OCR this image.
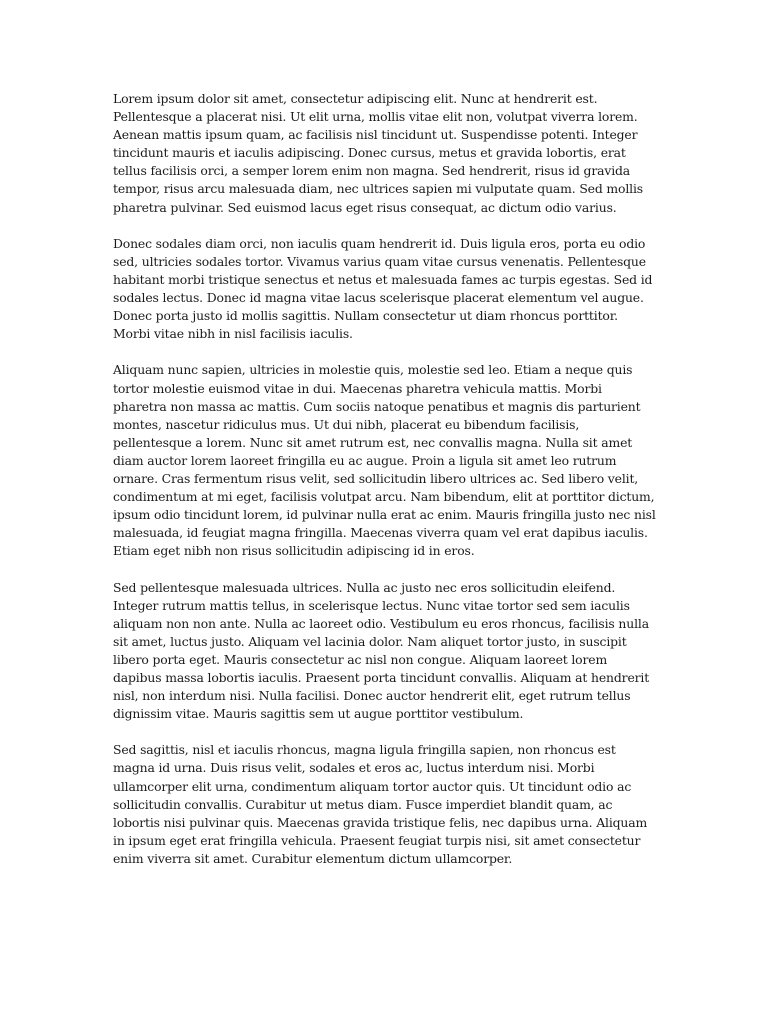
Lorem ipsum dolor sit amet, consectetur adipiscing elit. Nunc at hendrerit est. Pellentesque a placerat nisi. Ut elit urna, mollis vitae elit non, volutpat viverra lorem. Aenean mattis ipsum quam, ac facilisis nisl tincidunt ut. Suspendisse potenti. Integer tincidunt mauris et iaculis adipiscing. Donec cursus, metus et gravida lobortis, erat tellus facilisis orci, a semper lorem enim non magna. Sed hendrerit, risus id gravida tempor, risus arcu malesuada diam, nec ultrices sapien mi vulputate quam. Sed mollis pharetra pulvinar. Sed euismod lacus eget risus consequat, ac dictum odio varius.

Donec sodales diam orci, non iaculis quam hendrerit id. Duis ligula eros, porta eu odio sed, ultricies sodales tortor. Vivamus varius quam vitae cursus venenatis. Pellentesque habitant morbi tristique senectus et netus et malesuada fames ac turpis egestas. Sed id sodales lectus. Donec id magna vitae lacus scelerisque placerat elementum vel augue. Donec porta justo id mollis sagittis. Nullam consectetur ut diam rhoncus porttitor. Morbi vitae nibh in nisl facilisis iaculis.

Aliquam nunc sapien, ultricies in molestie quis, molestie sed leo. Etiam a neque quis tortor molestie euismod vitae in dui. Maecenas pharetra vehicula mattis. Morbi pharetra non massa ac mattis. Cum sociis natoque penatibus et magnis dis parturient montes, nascetur ridiculus mus. Ut dui nibh, placerat eu bibendum facilisis, pellentesque a lorem. Nunc sit amet rutrum est, nec convallis magna. Nulla sit amet diam auctor lorem laoreet fringilla eu ac augue. Proin a ligula sit amet leo rutrum ornare. Cras fermentum risus velit, sed sollicitudin libero ultrices ac. Sed libero velit, condimentum at mi eget, facilisis volutpat arcu. Nam bibendum, elit at porttitor dictum, ipsum odio tincidunt lorem, id pulvinar nulla erat ac enim. Mauris fringilla justo nec nisl malesuada, id feugiat magna fringilla. Maecenas viverra quam vel erat dapibus iaculis. Etiam eget nibh non risus sollicitudin adipiscing id in eros.

Sed pellentesque malesuada ultrices. Nulla ac justo nec eros sollicitudin eleifend. Integer rutrum mattis tellus, in scelerisque lectus. Nunc vitae tortor sed sem iaculis aliquam non non ante. Nulla ac laoreet odio. Vestibulum eu eros rhoncus, facilisis nulla sit amet, luctus justo. Aliquam vel lacinia dolor. Nam aliquet tortor justo, in suscipit libero porta eget. Mauris consectetur ac nisl non congue. Aliquam laoreet lorem dapibus massa lobortis iaculis. Praesent porta tincidunt convallis. Aliquam at hendrerit nisl, non interdum nisi. Nulla facilisi. Donec auctor hendrerit elit, eget rutrum tellus dignissim vitae. Mauris sagittis sem ut augue porttitor vestibulum.

Sed sagittis, nisl et iaculis rhoncus, magna ligula fringilla sapien, non rhoncus est magna id urna. Duis risus velit, sodales et eros ac, luctus interdum nisi. Morbi ullamcorper elit urna, condimentum aliquam tortor auctor quis. Ut tincidunt odio ac sollicitudin convallis. Curabitur ut metus diam. Fusce imperdiet blandit quam, ac lobortis nisi pulvinar quis. Maecenas gravida tristique felis, nec dapibus urna. Aliquam in ipsum eget erat fringilla vehicula. Praesent feugiat turpis nisi, sit amet consectetur enim viverra sit amet. Curabitur elementum dictum ullamcorper.
